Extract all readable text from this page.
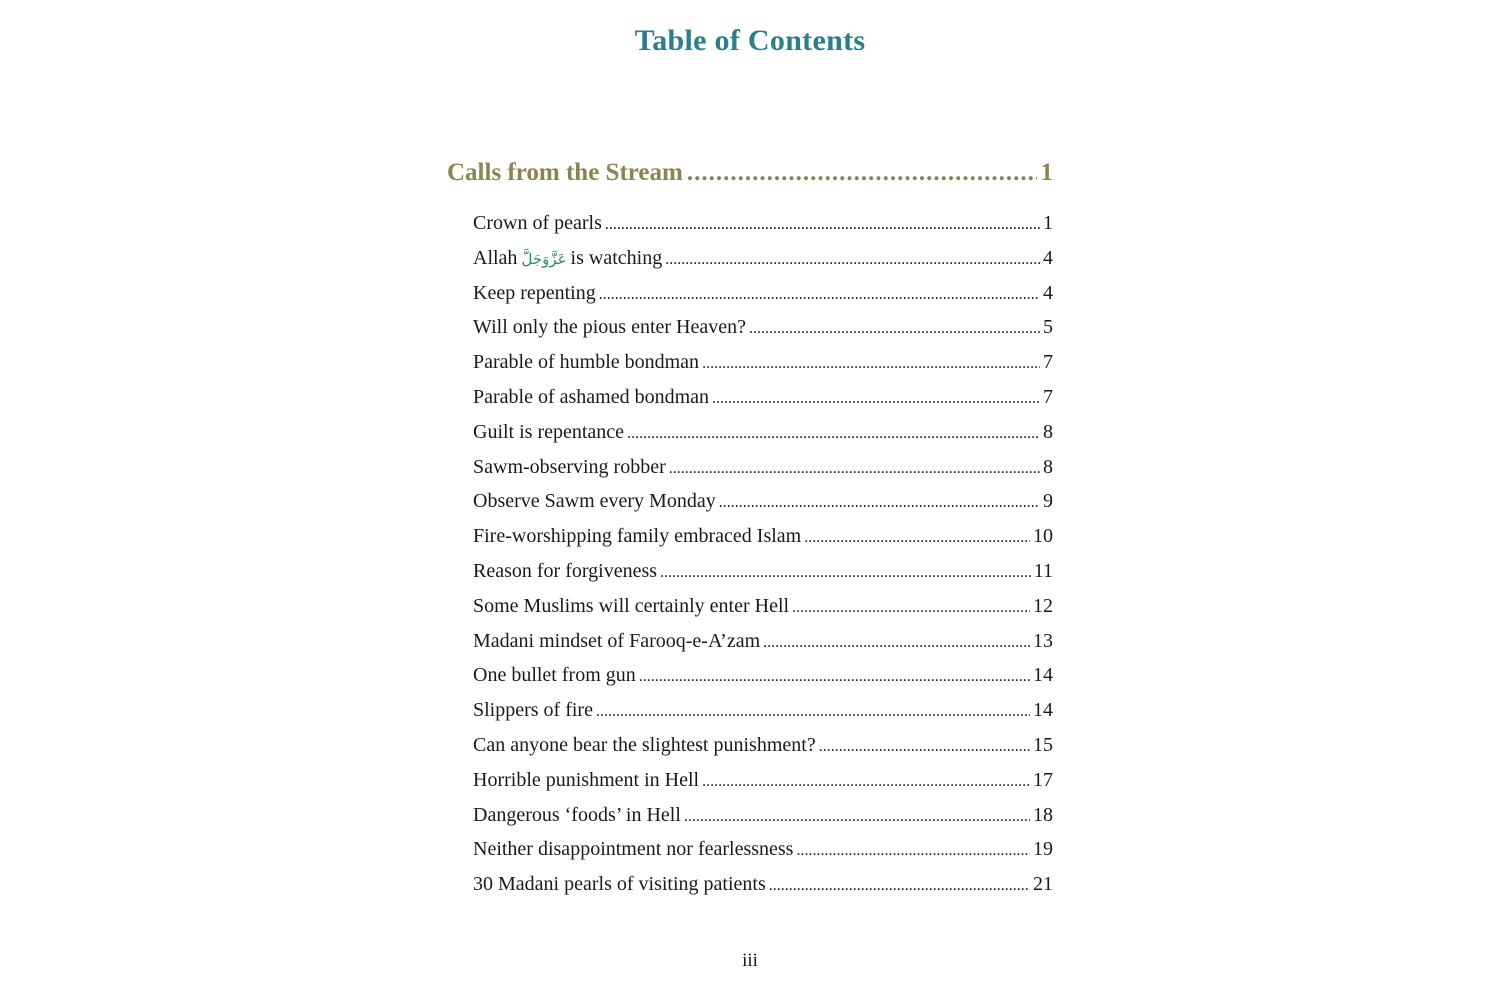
Table of Contents
Calls from the Stream .....	1
Crown of pearls .....	1
Allah عَزَّوَجَلَّ is watching .....	4
Keep repenting .....	4
Will only the pious enter Heaven? .....	5
Parable of humble bondman .....	7
Parable of ashamed bondman .....	7
Guilt is repentance .....	8
Sawm-observing robber .....	8
Observe Sawm every Monday .....	9
Fire-worshipping family embraced Islam .....	10
Reason for forgiveness .....	11
Some Muslims will certainly enter Hell .....	12
Madani mindset of Farooq-e-A’zam .....	13
One bullet from gun .....	14
Slippers of fire .....	14
Can anyone bear the slightest punishment? .....	15
Horrible punishment in Hell .....	17
Dangerous ‘foods’ in Hell .....	18
Neither disappointment nor fearlessness .....	19
30 Madani pearls of visiting patients .....	21
iii
